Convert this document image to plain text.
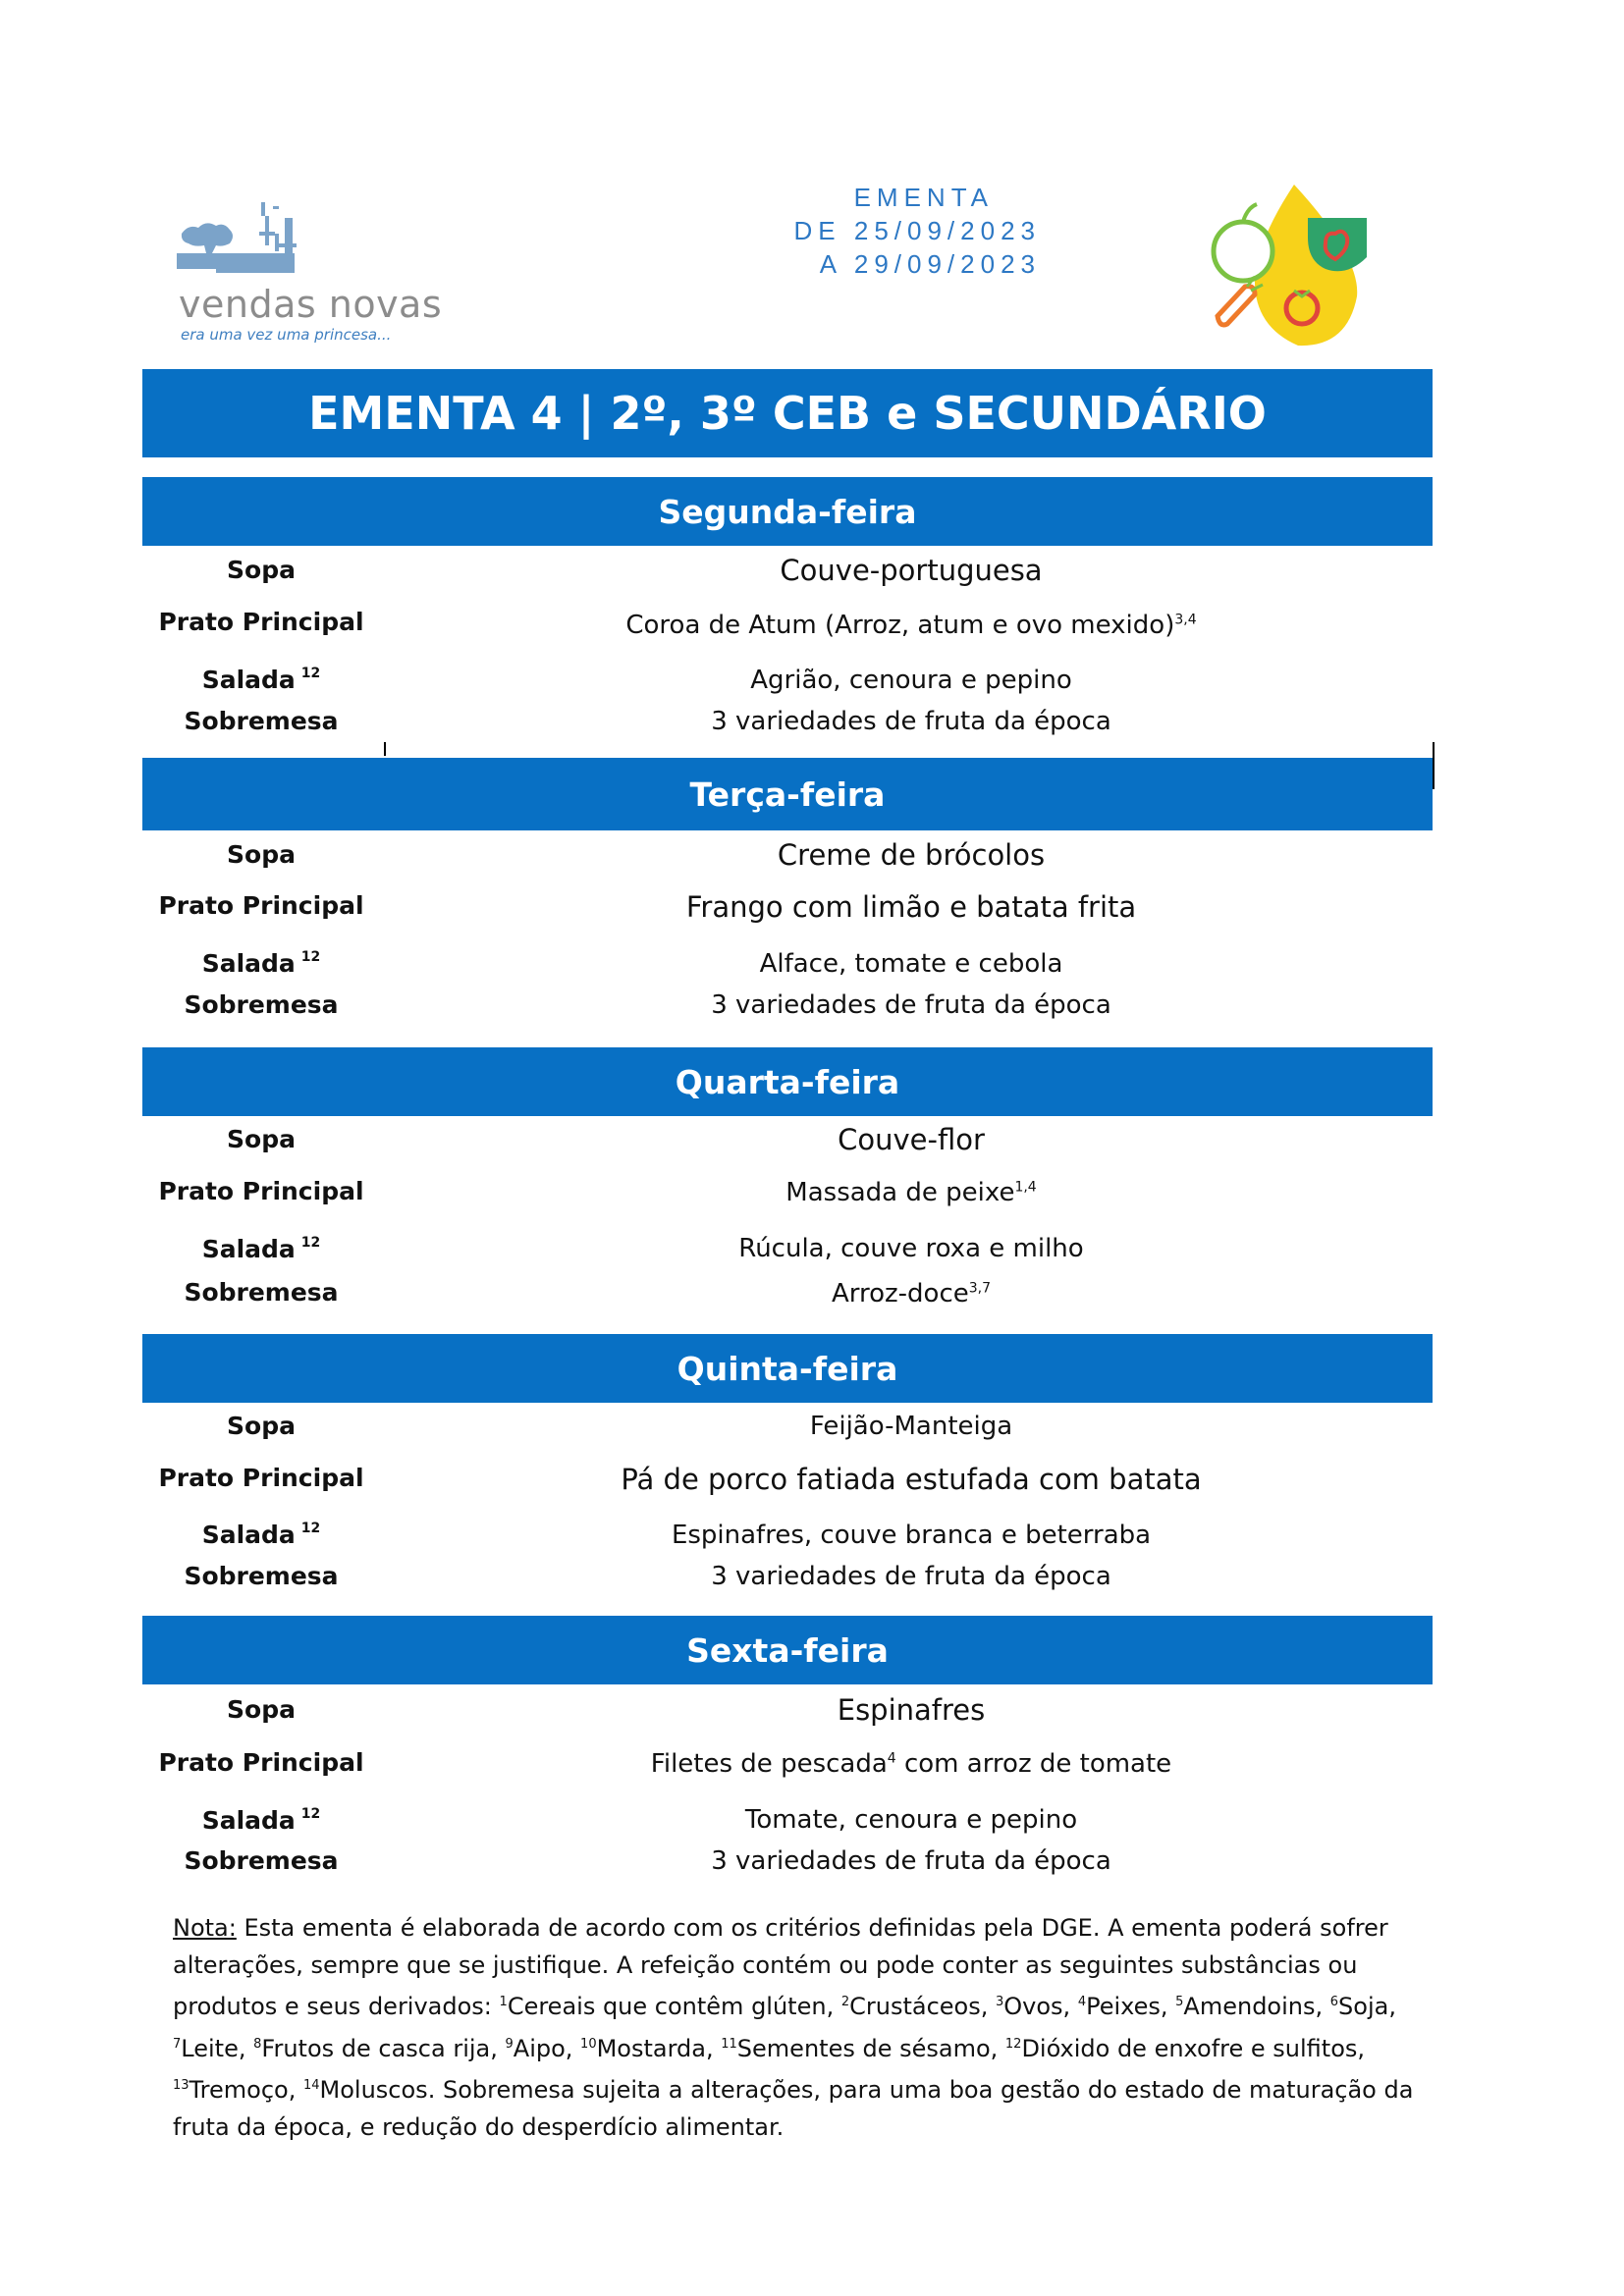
vendas novas
era uma vez uma princesa...
EMENTA
DE 25/09/2023
A 29/09/2023
EMENTA 4 | 2º, 3º CEB e SECUNDÁRIO
Segunda-feira
Sopa	Couve-portuguesa
Prato Principal	Coroa de Atum (Arroz, atum e ovo mexido)$^{3,4}$
Salada $^{12}$	Agrião, cenoura e pepino
Sobremesa	3 variedades de fruta da época
Terça-feira
Sopa	Creme de brócolos
Prato Principal	Frango com limão e batata frita
Salada $^{12}$	Alface, tomate e cebola
Sobremesa	3 variedades de fruta da época
Quarta-feira
Sopa	Couve-flor
Prato Principal	Massada de peixe$^{1,4}$
Salada $^{12}$	Rúcula, couve roxa e milho
Sobremesa	Arroz-doce$^{3,7}$
Quinta-feira
Sopa	Feijão-Manteiga
Prato Principal	Pá de porco fatiada estufada com batata
Salada $^{12}$	Espinafres, couve branca e beterraba
Sobremesa	3 variedades de fruta da época
Sexta-feira
Sopa	Espinafres
Prato Principal	Filetes de pescada$^4$ com arroz de tomate
Salada $^{12}$	Tomate, cenoura e pepino
Sobremesa	3 variedades de fruta da época
Nota: Esta ementa é elaborada de acordo com os critérios definidas pela DGE. A ementa poderá sofrer alterações, sempre que se justifique. A refeição contém ou pode conter as seguintes substâncias ou produtos e seus derivados: $^1$Cereais que contêm glúten, $^2$Crustáceos, $^3$Ovos, $^4$Peixes, $^5$Amendoins, $^6$Soja, $^7$Leite, $^8$Frutos de casca rija, $^9$Aipo, $^{10}$Mostarda, $^{11}$Sementes de sésamo, $^{12}$Dióxido de enxofre e sulfitos, $^{13}$Tremoço, $^{14}$Moluscos. Sobremesa sujeita a alterações, para uma boa gestão do estado de maturação da fruta da época, e redução do desperdício alimentar.
